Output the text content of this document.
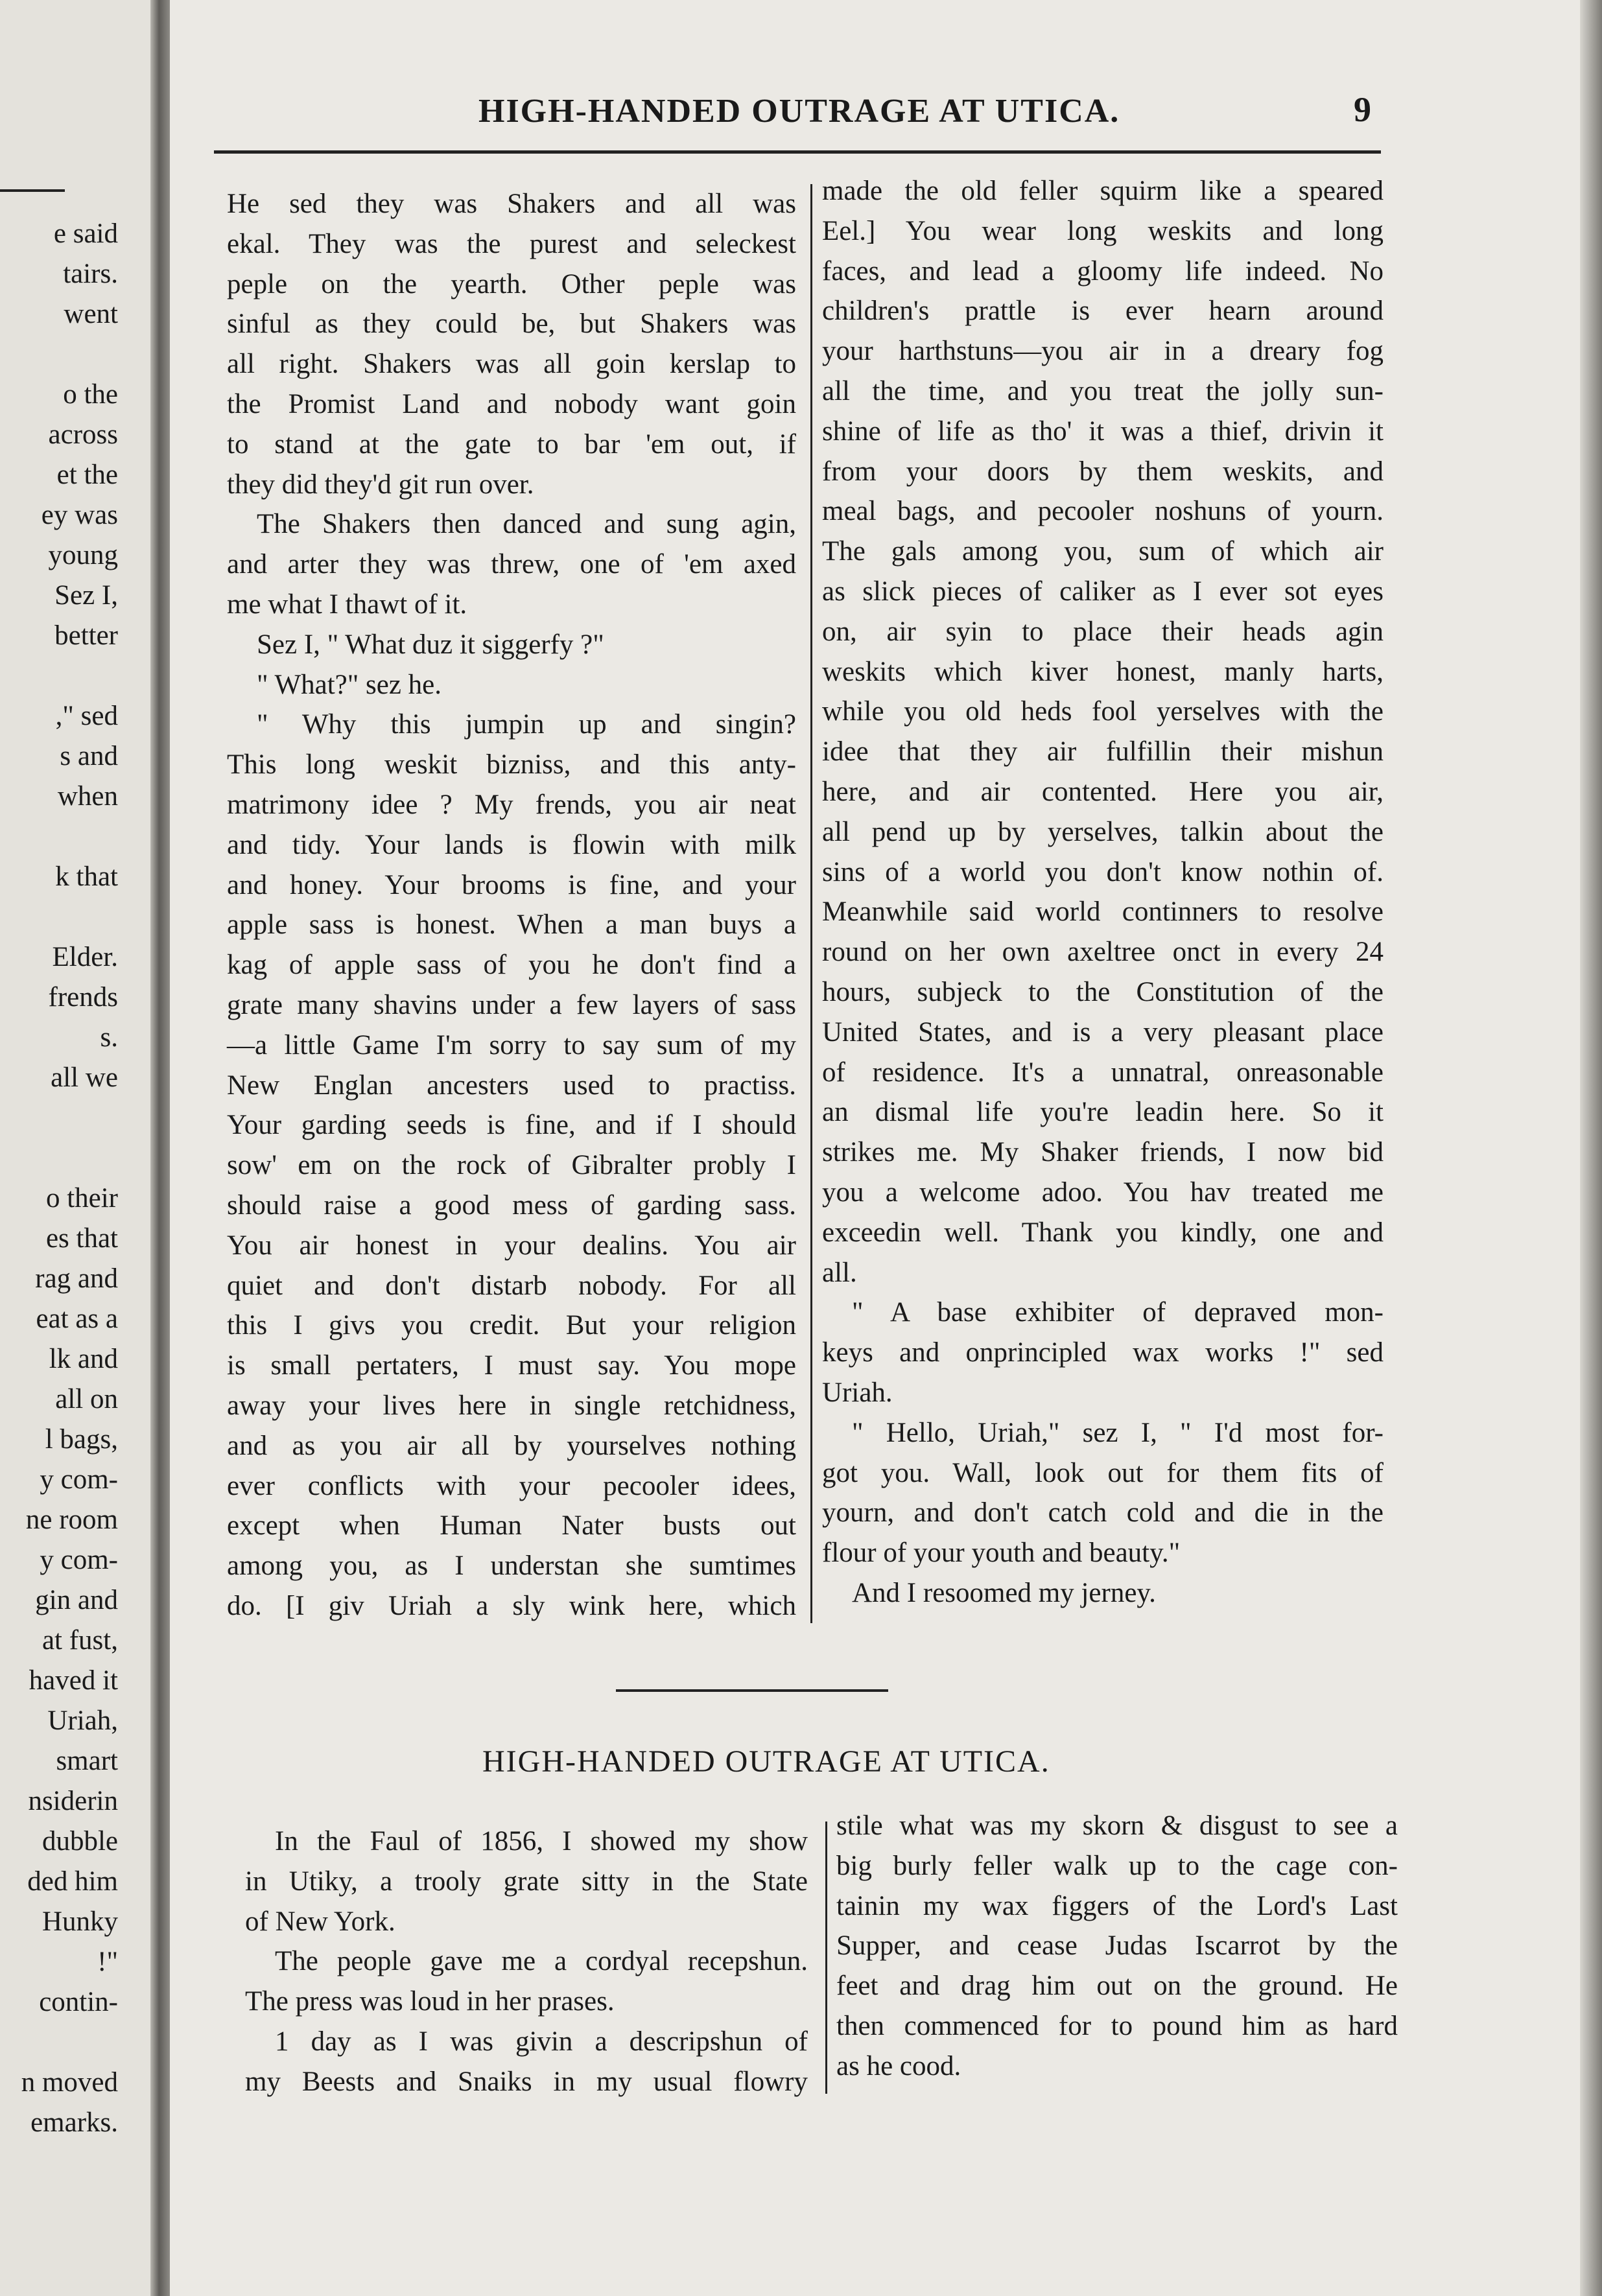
e said
tairs.
went
o the
across
et the
ey was
young
Sez I,
better
," sed
s and
when
k that
Elder.
frends
s.
all we
o their
es that
rag and
eat as a
lk and
all on
l bags,
y com-
ne room
y com-
gin and
at fust,
haved it
Uriah,
smart
nsiderin
dubble
ded him
Hunky
!"
contin-
n moved
emarks.
HIGH-HANDED OUTRAGE AT UTICA.	9
He sed they was Shakers and all was
ekal. They was the purest and seleckest
peple on the yearth. Other peple was
sinful as they could be, but Shakers was
all right. Shakers was all goin kerslap to
the Promist Land and nobody want goin
to stand at the gate to bar 'em out, if
they did they'd git run over.
The Shakers then danced and sung agin,
and arter they was threw, one of 'em axed
me what I thawt of it.
Sez I, " What duz it siggerfy ?"
" What?" sez he.
" Why this jumpin up and singin?
This long weskit bizniss, and this anty-
matrimony idee ? My frends, you air neat
and tidy. Your lands is flowin with milk
and honey. Your brooms is fine, and your
apple sass is honest. When a man buys a
kag of apple sass of you he don't find a
grate many shavins under a few layers of sass
—a little Game I'm sorry to say sum of my
New Englan ancesters used to practiss.
Your garding seeds is fine, and if I should
sow' em on the rock of Gibralter probly I
should raise a good mess of garding sass.
You air honest in your dealins. You air
quiet and don't distarb nobody. For all
this I givs you credit. But your religion
is small pertaters, I must say. You mope
away your lives here in single retchidness,
and as you air all by yourselves nothing
ever conflicts with your pecooler idees,
except when Human Nater busts out
among you, as I understan she sumtimes
do. [I giv Uriah a sly wink here, which
made the old feller squirm like a speared
Eel.] You wear long weskits and long
faces, and lead a gloomy life indeed. No
children's prattle is ever hearn around
your harthstuns—you air in a dreary fog
all the time, and you treat the jolly sun-
shine of life as tho' it was a thief, drivin it
from your doors by them weskits, and
meal bags, and pecooler noshuns of yourn.
The gals among you, sum of which air
as slick pieces of caliker as I ever sot eyes
on, air syin to place their heads agin
weskits which kiver honest, manly harts,
while you old heds fool yerselves with the
idee that they air fulfillin their mishun
here, and air contented. Here you air,
all pend up by yerselves, talkin about the
sins of a world you don't know nothin of.
Meanwhile said world continners to resolve
round on her own axeltree onct in every 24
hours, subjeck to the Constitution of the
United States, and is a very pleasant place
of residence. It's a unnatral, onreasonable
an dismal life you're leadin here. So it
strikes me. My Shaker friends, I now bid
you a welcome adoo. You hav treated me
exceedin well. Thank you kindly, one and
all.
" A base exhibiter of depraved mon-
keys and onprincipled wax works !" sed
Uriah.
" Hello, Uriah," sez I, " I'd most for-
got you. Wall, look out for them fits of
yourn, and don't catch cold and die in the
flour of your youth and beauty."
And I resoomed my jerney.
HIGH-HANDED OUTRAGE AT UTICA.
In the Faul of 1856, I showed my show
in Utiky, a trooly grate sitty in the State
of New York.
The people gave me a cordyal recepshun.
The press was loud in her prases.
1 day as I was givin a descripshun of
my Beests and Snaiks in my usual flowry
stile what was my skorn & disgust to see a
big burly feller walk up to the cage con-
tainin my wax figgers of the Lord's Last
Supper, and cease Judas Iscarrot by the
feet and drag him out on the ground. He
then commenced for to pound him as hard
as he cood.
